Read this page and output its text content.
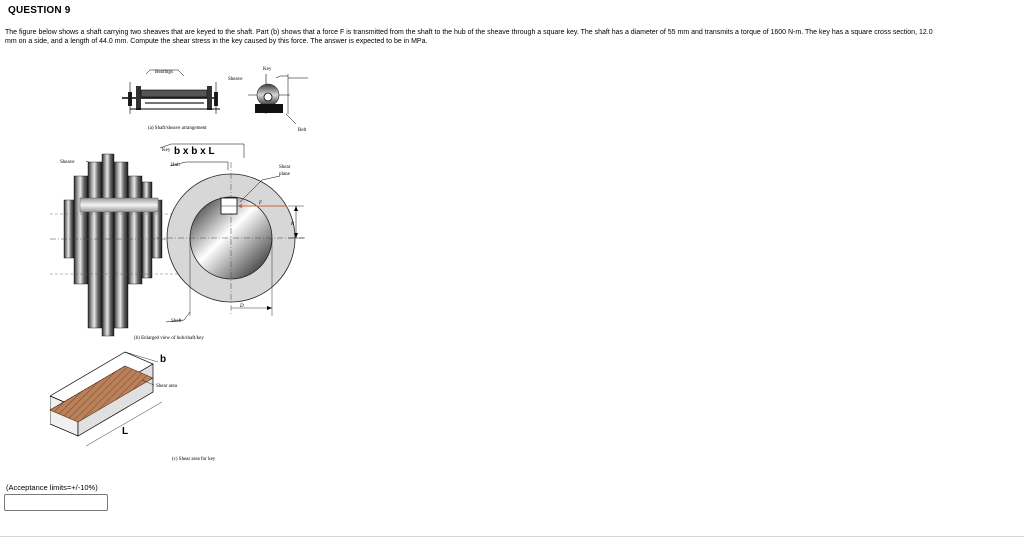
QUESTION 9
The figure below shows a shaft carrying two sheaves that are keyed to the shaft. Part (b) shows that a force F is transmitted from the shaft to the hub of the sheave through a square key. The shaft has a diameter of 55 mm and transmits a torque of 1600 N-m. The key has a square cross section, 12.0 mm on a side, and a length of 44.0 mm. Compute the shear stress in the key caused by this force. The answer is expected to be in MPa.
Bearings
(a) Shaft/sheave arrangement
Sheave
Key
Belt
Key b x b x L
Hub
Sheave
F
R
Shear
plane
D
Shaft
(b) Enlarged view of hub/shaft/key
b
Shear area
L
(c) Shear area for key
(Acceptance limits=+/-10%)
